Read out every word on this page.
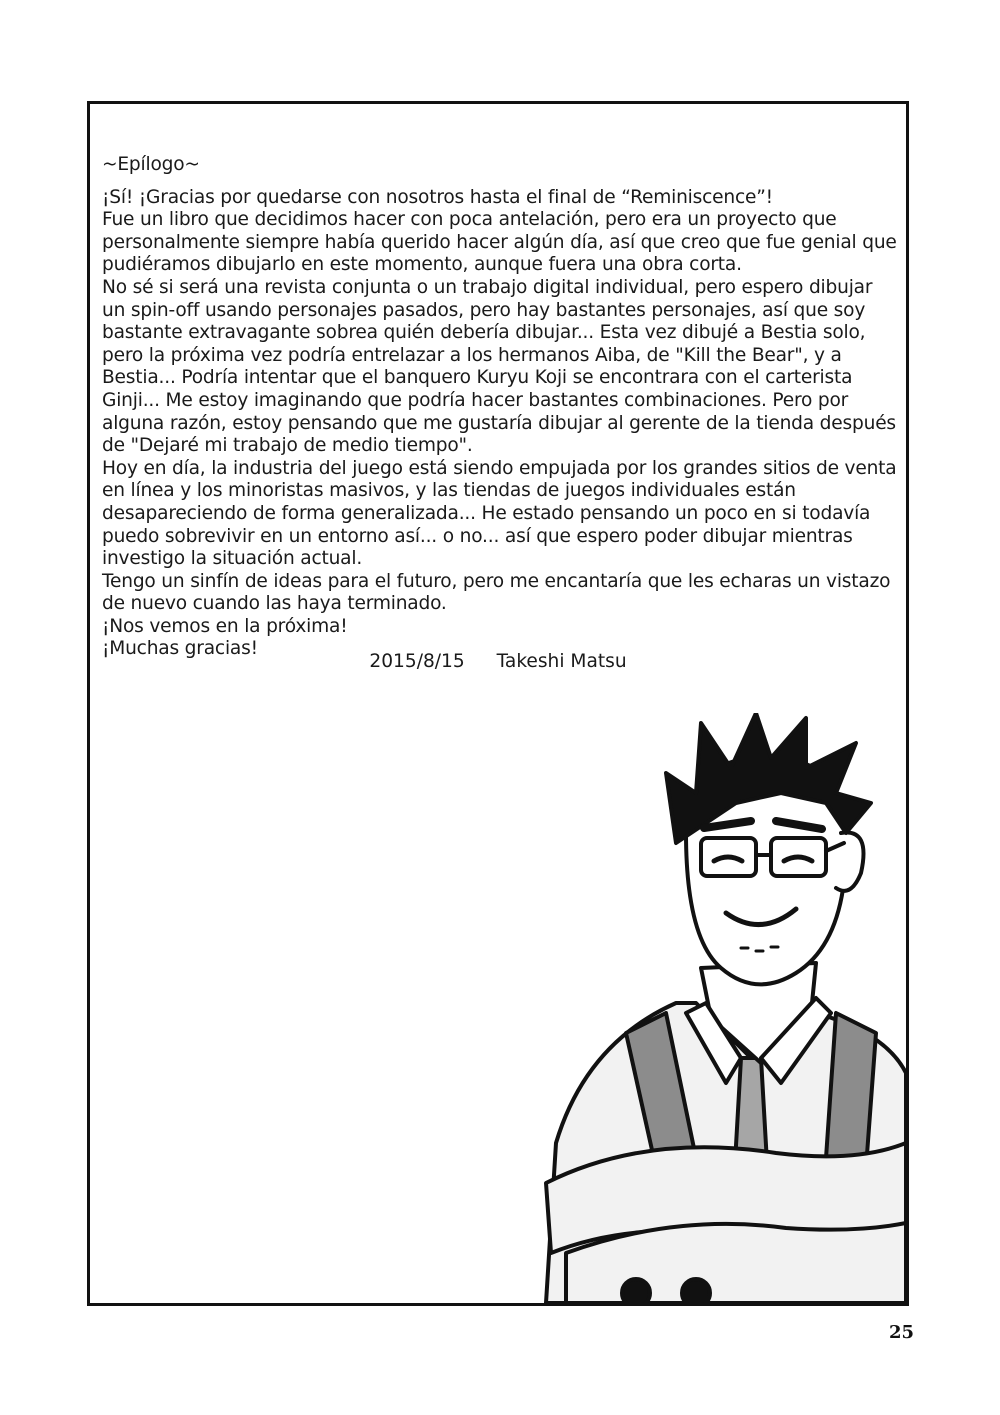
~Epílogo~

¡Sí! ¡Gracias por quedarse con nosotros hasta el final de “Reminiscence”!

Fue un libro que decidimos hacer con poca antelación, pero era un proyecto que personalmente siempre había querido hacer algún día, así que creo que fue genial que pudiéramos dibujarlo en este momento, aunque fuera una obra corta.

No sé si será una revista conjunta o un trabajo digital individual, pero espero dibujar un spin-off usando personajes pasados, pero hay bastantes personajes, así que soy bastante extravagante sobrea quién debería dibujar... Esta vez dibujé a Bestia solo, pero la próxima vez podría entrelazar a los hermanos Aiba, de "Kill the Bear", y a Bestia... Podría intentar que el banquero Kuryu Koji se encontrara con el carterista Ginji... Me estoy imaginando que podría hacer bastantes combinaciones. Pero por alguna razón, estoy pensando que me gustaría dibujar al gerente de la tienda después de "Dejaré mi trabajo de medio tiempo".

Hoy en día, la industria del juego está siendo empujada por los grandes sitios de venta en línea y los minoristas masivos, y las tiendas de juegos individuales están desapareciendo de forma generalizada... He estado pensando un poco en si todavía puedo sobrevivir en un entorno así... o no... así que espero poder dibujar mientras investigo la situación actual.

Tengo un sinfín de ideas para el futuro, pero me encantaría que les echaras un vistazo de nuevo cuando las haya terminado.

¡Nos vemos en la próxima!

¡Muchas gracias!

2015/8/15 Takeshi Matsu
25
